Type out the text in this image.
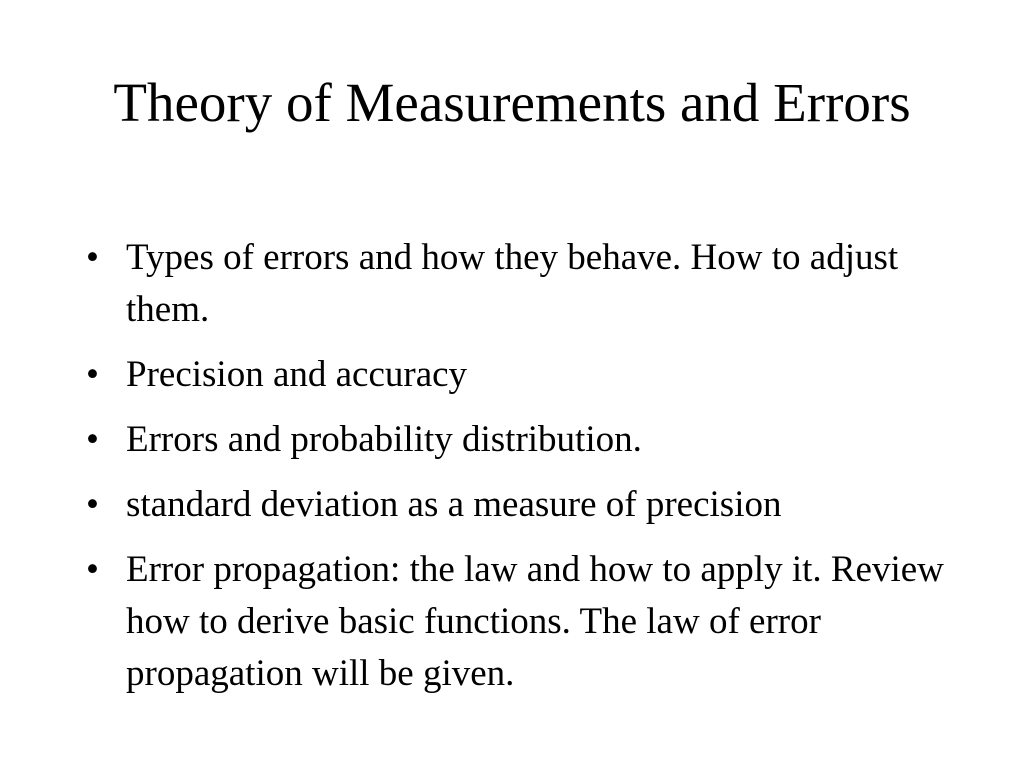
Theory of Measurements and Errors
• Types of errors and how they behave. How to adjust them.
• Precision and accuracy
• Errors and probability distribution.
• standard deviation as a measure of precision
• Error propagation: the law and how to apply it. Review how to derive basic functions. The law of error propagation will be given.
